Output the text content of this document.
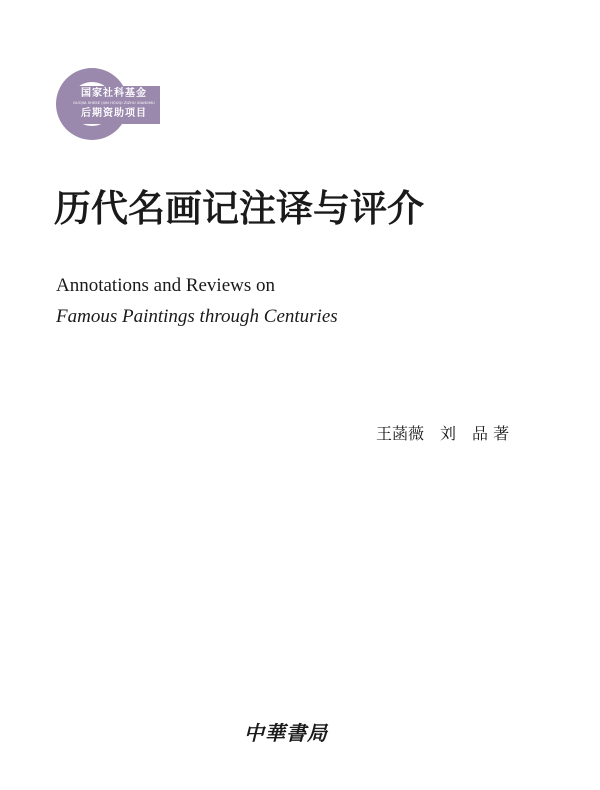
国家社科基金
GUOJIA SHEKE JIJIN HOUQI ZIZHU XIANGMU
后期资助项目
历代名画记注译与评介
Annotations and Reviews on
Famous Paintings through Centuries
王菡薇　刘　品 著
中華書局
